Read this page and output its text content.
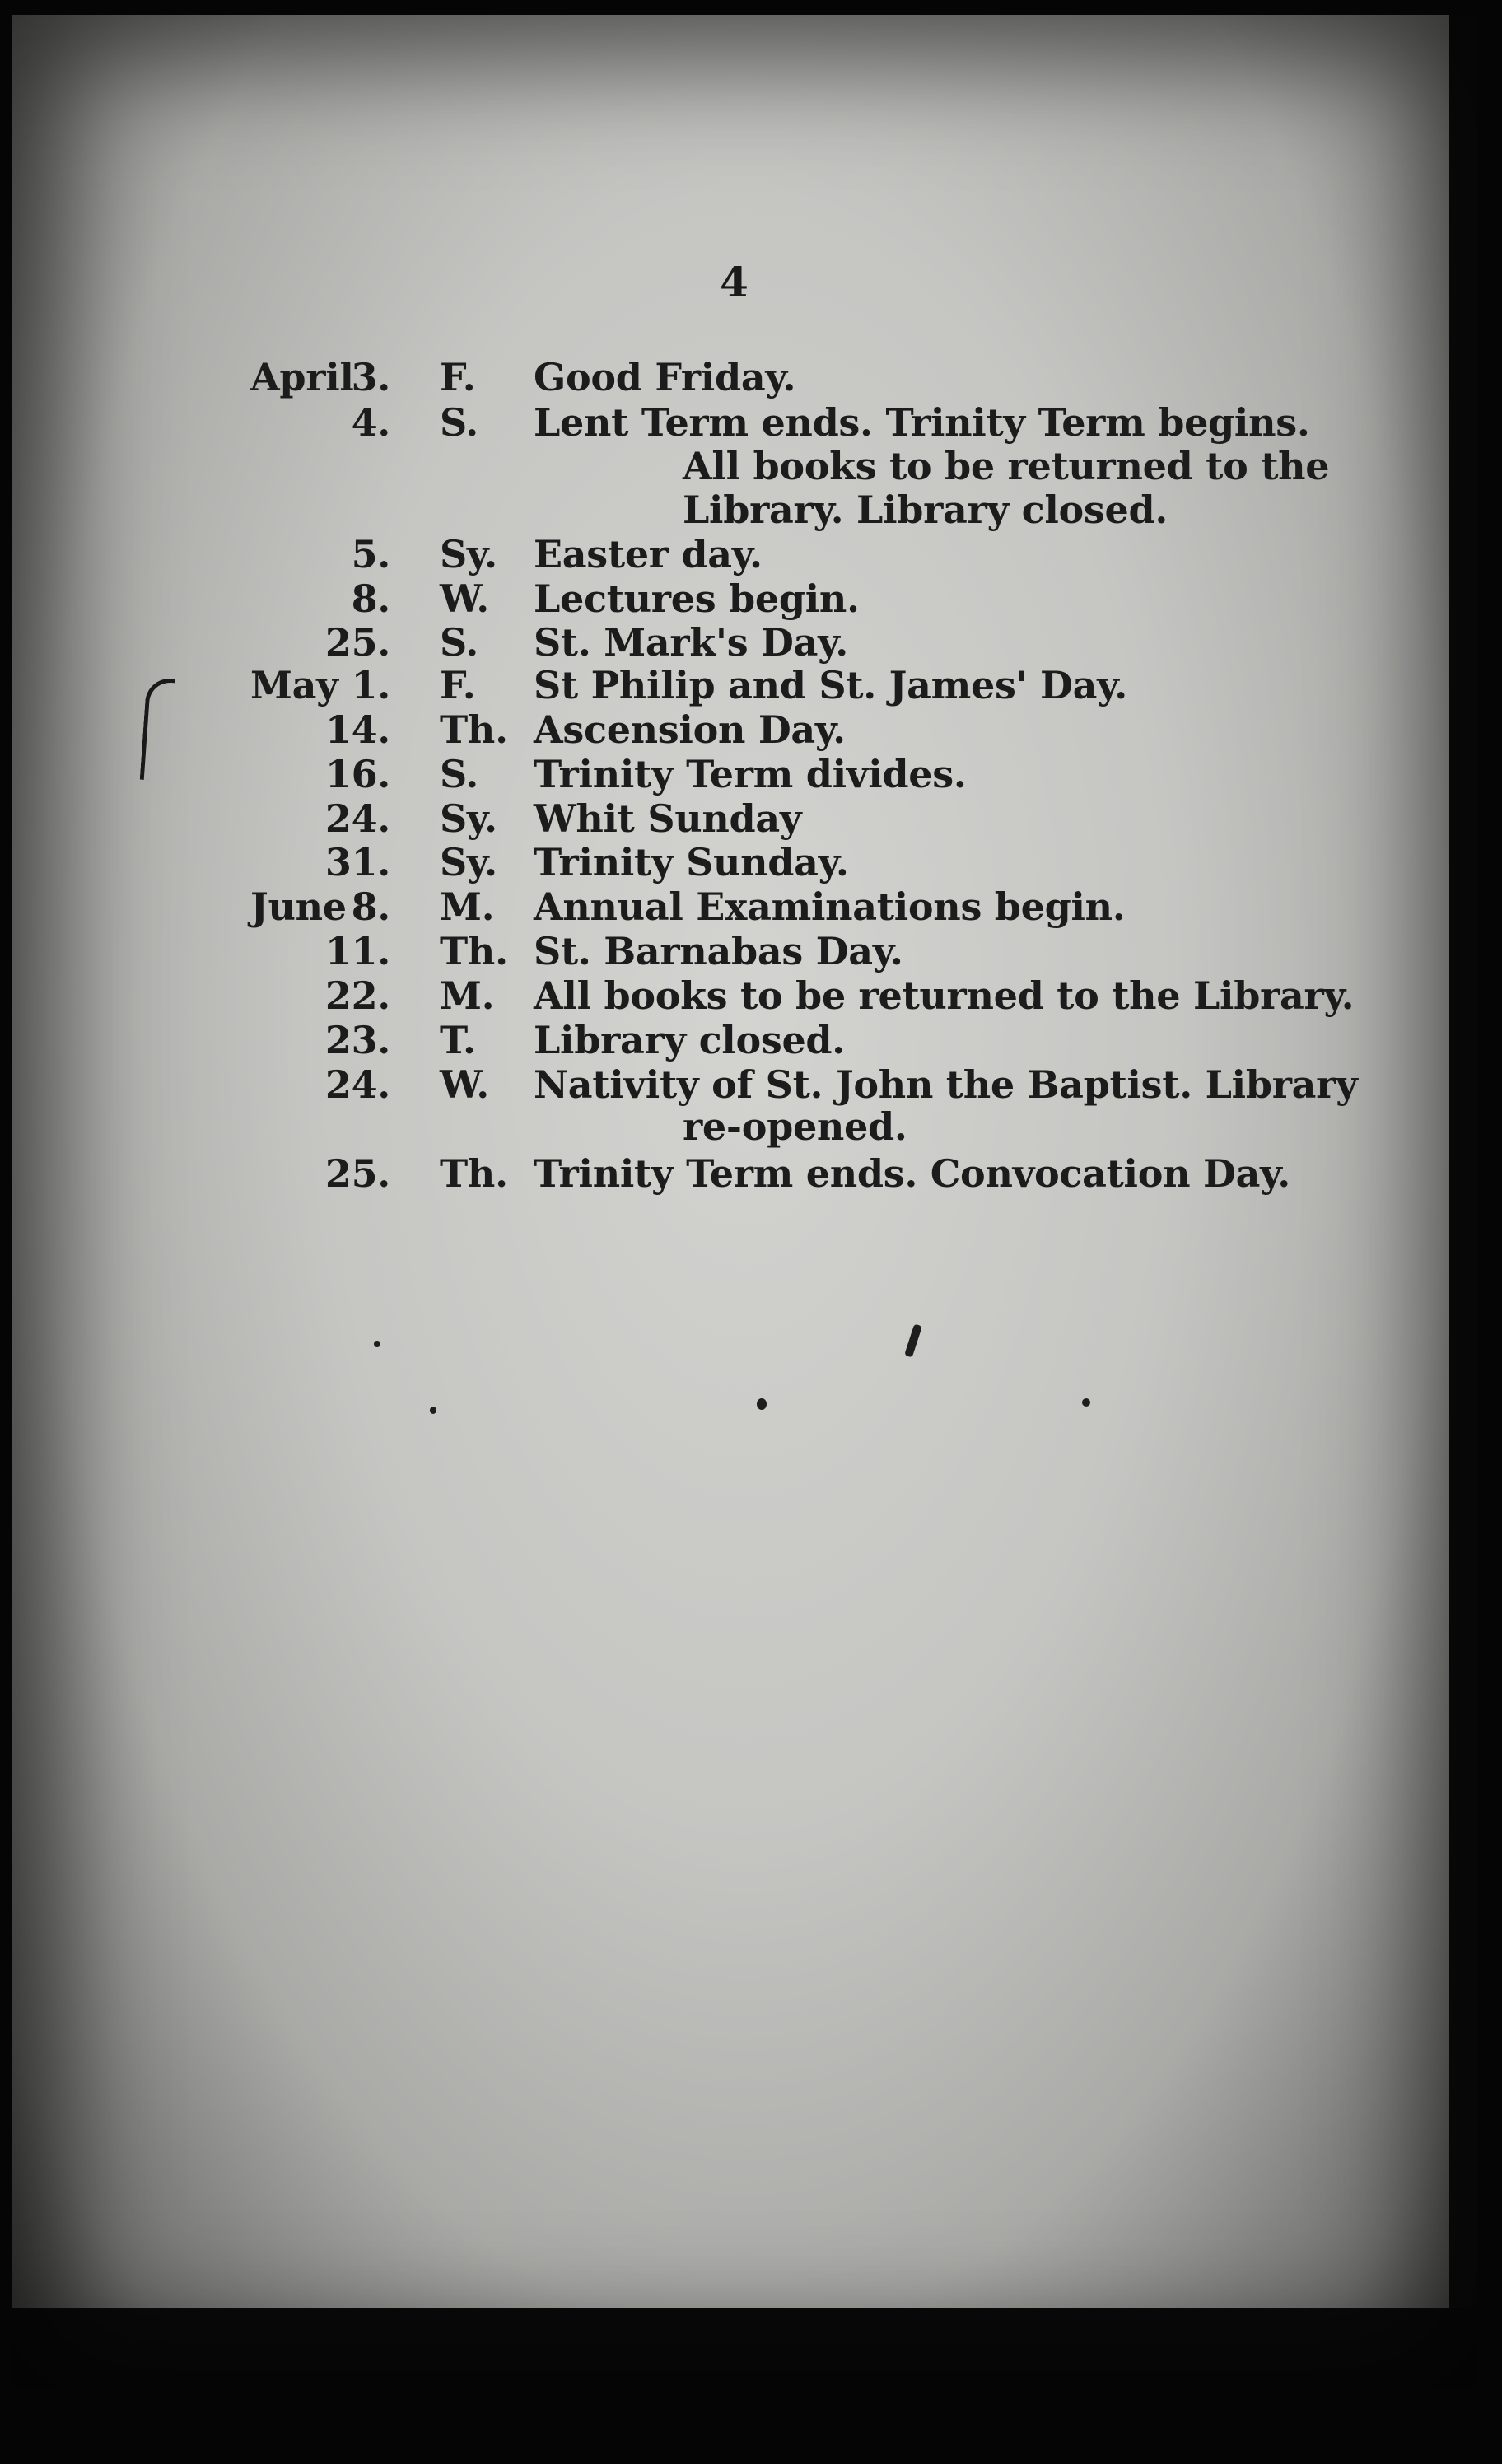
4
April
3. F. Good Friday.
4. S. Lent Term ends. Trinity Term begins.
All books to be returned to the
Library. Library closed.
5. Sy. Easter day.
8. W. Lectures begin.
25. S. St. Mark's Day.
May 1. F. St Philip and St. James' Day.
14. Th. Ascension Day.
16. S. Trinity Term divides.
24. Sy. Whit Sunday
31. Sy. Trinity Sunday.
June 8. M. Annual Examinations begin.
11. Th. St. Barnabas Day.
22. M. All books to be returned to the Library.
23. T. Library closed.
24. W. Nativity of St. John the Baptist. Library
re-opened.
25. Th. Trinity Term ends. Convocation Day.
